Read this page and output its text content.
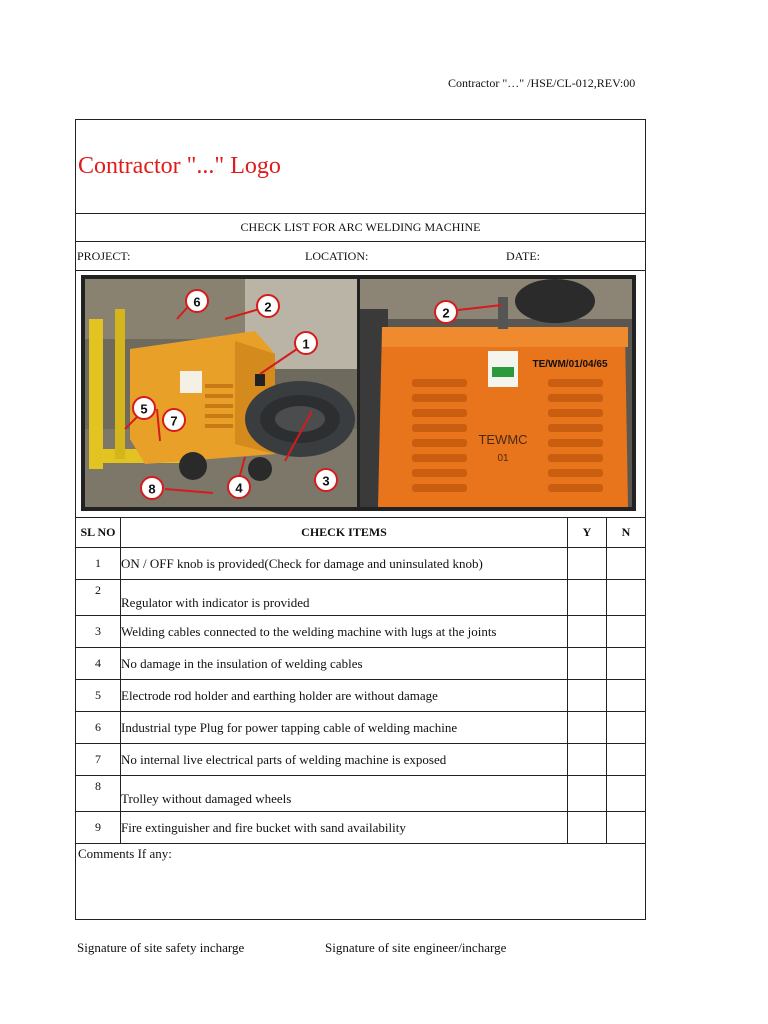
Contractor "…" /HSE/CL-012,REV:00
Contractor "..." Logo
CHECK LIST FOR ARC WELDING MACHINE
PROJECT:	LOCATION:	DATE:
1
2
3
4
5
6
7
8
TE/WM/01/04/65
TEWMC
01
2
SL NO	CHECK ITEMS	Y	N
1	ON / OFF knob is provided(Check for damage and uninsulated knob)		
2	Regulator with indicator is provided		
3	Welding cables connected to the welding machine with lugs at the joints		
4	No damage in the insulation of welding cables		
5	Electrode rod holder and earthing holder are without damage		
6	Industrial type Plug for power tapping cable of welding machine		
7	No internal live electrical parts of welding machine is exposed		
8	Trolley without damaged wheels		
9	Fire extinguisher and fire bucket with sand availability		
Comments If any:
Signature of site safety incharge	Signature of site engineer/incharge
